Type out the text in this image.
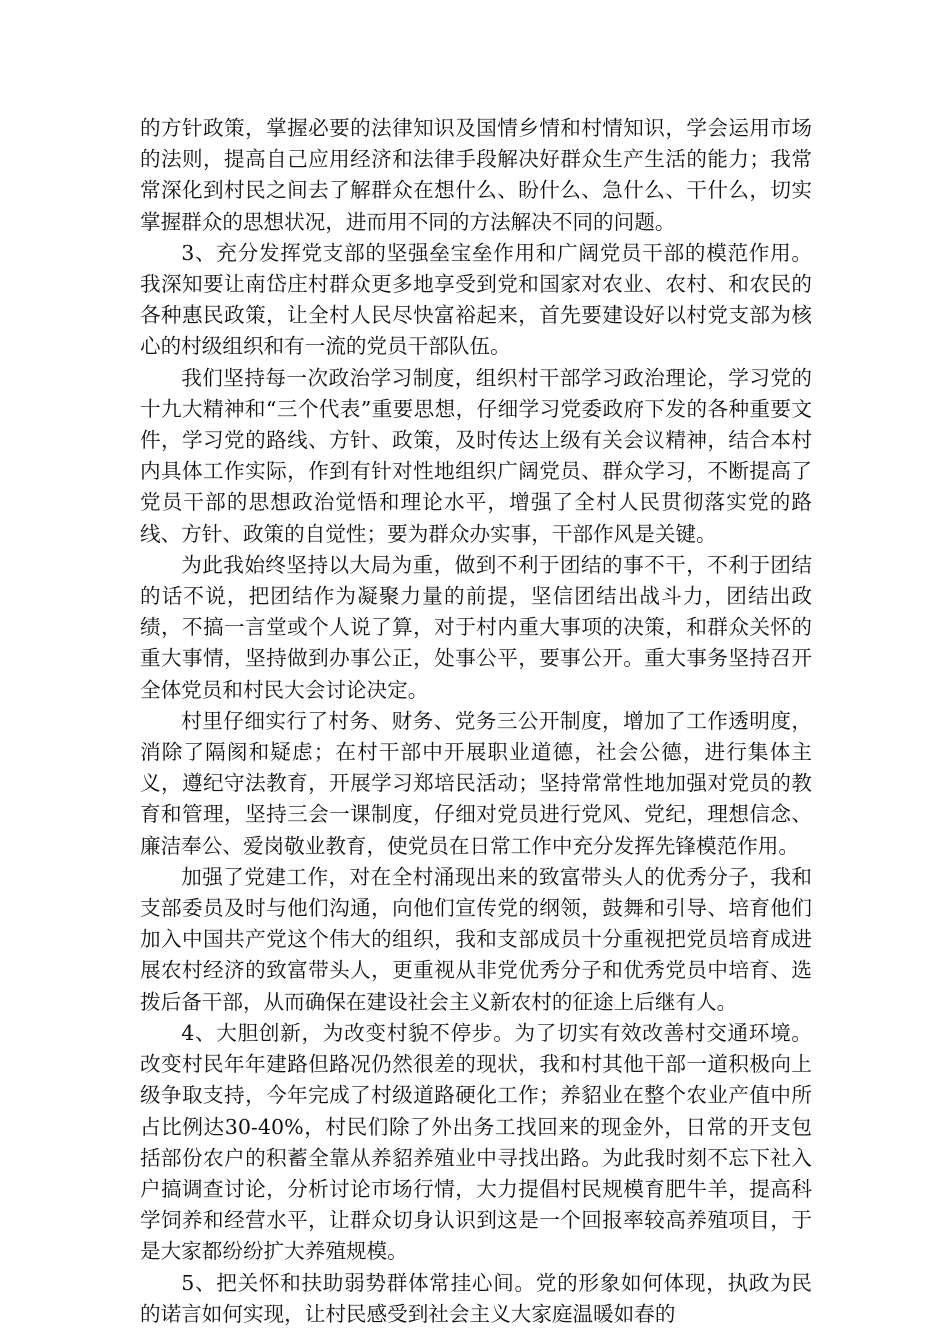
的方针政策，掌握必要的法律知识及国情乡情和村情知识，学会运用市场的法则，提高自己应用经济和法律手段解决好群众生产生活的能力；我常常深化到村民之间去了解群众在想什么、盼什么、急什么、干什么，切实掌握群众的思想状况，进而用不同的方法解决不同的问题。

3、充分发挥党支部的坚强垒宝垒作用和广阔党员干部的模范作用。我深知要让南岱庄村群众更多地享受到党和国家对农业、农村、和农民的各种惠民政策，让全村人民尽快富裕起来，首先要建设好以村党支部为核心的村级组织和有一流的党员干部队伍。

我们坚持每一次政治学习制度，组织村干部学习政治理论，学习党的十九大精神和“三个代表”重要思想，仔细学习党委政府下发的各种重要文件，学习党的路线、方针、政策，及时传达上级有关会议精神，结合本村内具体工作实际，作到有针对性地组织广阔党员、群众学习，不断提高了党员干部的思想政治觉悟和理论水平，增强了全村人民贯彻落实党的路线、方针、政策的自觉性；要为群众办实事，干部作风是关键。

为此我始终坚持以大局为重，做到不利于团结的事不干，不利于团结的话不说，把团结作为凝聚力量的前提，坚信团结出战斗力，团结出政绩，不搞一言堂或个人说了算，对于村内重大事项的决策，和群众关怀的重大事情，坚持做到办事公正，处事公平，要事公开。重大事务坚持召开全体党员和村民大会讨论决定。

村里仔细实行了村务、财务、党务三公开制度，增加了工作透明度，消除了隔阂和疑虑；在村干部中开展职业道德，社会公德，进行集体主义，遵纪守法教育，开展学习郑培民活动；坚持常常性地加强对党员的教育和管理，坚持三会一课制度，仔细对党员进行党风、党纪，理想信念、廉洁奉公、爱岗敬业教育，使党员在日常工作中充分发挥先锋模范作用。

加强了党建工作，对在全村涌现出来的致富带头人的优秀分子，我和支部委员及时与他们沟通，向他们宣传党的纲领，鼓舞和引导、培育他们加入中国共产党这个伟大的组织，我和支部成员十分重视把党员培育成进展农村经济的致富带头人，更重视从非党优秀分子和优秀党员中培育、选拨后备干部，从而确保在建设社会主义新农村的征途上后继有人。

4、大胆创新，为改变村貌不停步。为了切实有效改善村交通环境。改变村民年年建路但路况仍然很差的现状，我和村其他干部一道积极向上级争取支持，今年完成了村级道路硬化工作；养貂业在整个农业产值中所占比例达30-40%，村民们除了外出务工找回来的现金外，日常的开支包括部份农户的积蓄全靠从养貂养殖业中寻找出路。为此我时刻不忘下社入户搞调查讨论，分析讨论市场行情，大力提倡村民规模育肥牛羊，提高科学饲养和经营水平，让群众切身认识到这是一个回报率较高养殖项目，于是大家都纷纷扩大养殖规模。

5、把关怀和扶助弱势群体常挂心间。党的形象如何体现，执政为民的诺言如何实现，让村民感受到社会主义大家庭温暖如春的
